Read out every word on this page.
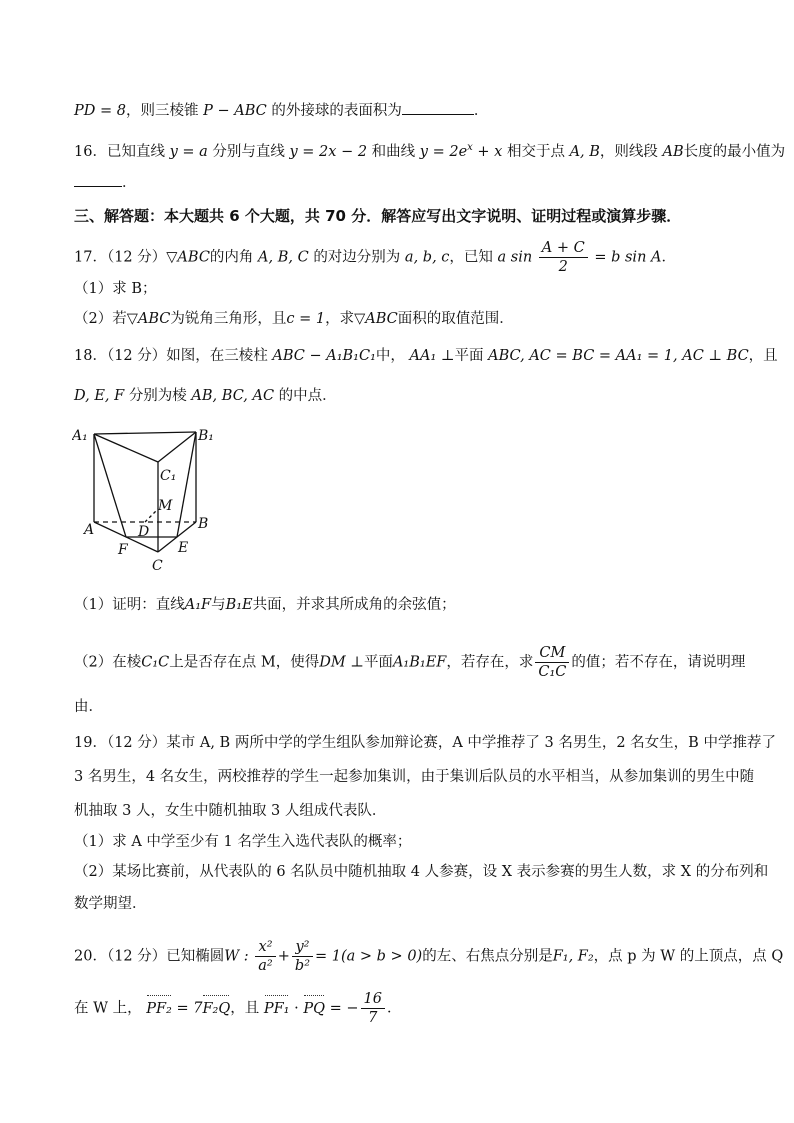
PD = 8，则三棱锥 P − ABC 的外接球的表面积为	．
16．已知直线 y = a 分别与直线 y = 2x − 2 和曲线 $y = 2e^x + x$ 相交于点 A, B，则线段 AB长度的最小值为
．
三、解答题：本大题共 6 个大题，共 70 分．解答应写出文字说明、证明过程或演算步骤．
17．（12 分）▽ABC的内角 A, B, C 的对边分别为 a, b, c，已知 a $\sin \frac{A + C}{2} = b$ sin A．
（1）求 B；
（2）若▽ABC为锐角三角形，且c = 1，求▽ABC面积的取值范围．
18．（12 分）如图，在三棱柱 ABC − A₁B₁C₁中， AA₁ ⊥平面 ABC, AC = BC = AA₁ = 1, AC ⊥ BC，且
D, E, F 分别为棱 AB, BC, AC 的中点．
A₁	B₁
C₁
M
A	B
D
E
F
C
（1）证明：直线A₁F与B₁E共面，并求其所成角的余弦值；
（2）在棱C₁C上是否存在点 M，使得DM ⊥平面A₁B₁EF，若存在，求 $\frac{CM}{\text{C₁C}}$ 的值；若不存在，请说明理
由．
19．（12 分）某市 A, B 两所中学的学生组队参加辩论赛，A 中学推荐了 3 名男生，2 名女生，B 中学推荐了
3 名男生，4 名女生，两校推荐的学生一起参加集训，由于集训后队员的水平相当，从参加集训的男生中随
机抽取 3 人，女生中随机抽取 3 人组成代表队．
（1）求 A 中学至少有 1 名学生入选代表队的概率；
（2）某场比赛前，从代表队的 6 名队员中随机抽取 4 人参赛，设 X 表示参赛的男生人数，求 X 的分布列和
数学期望．
20．（12 分）已知椭圆W : $\frac{\text{x²}}{\text{a²}} + \frac{\text{y²}}{\text{b²}} = 1(a > b > 0)$的左、右焦点分别是F₁, F₂，点 p 为 W 的上顶点，点 Q
在 W 上， PF₂ = 7F₂Q，且 PF₁ · PQ = − $\frac{16}{7}$ ．
